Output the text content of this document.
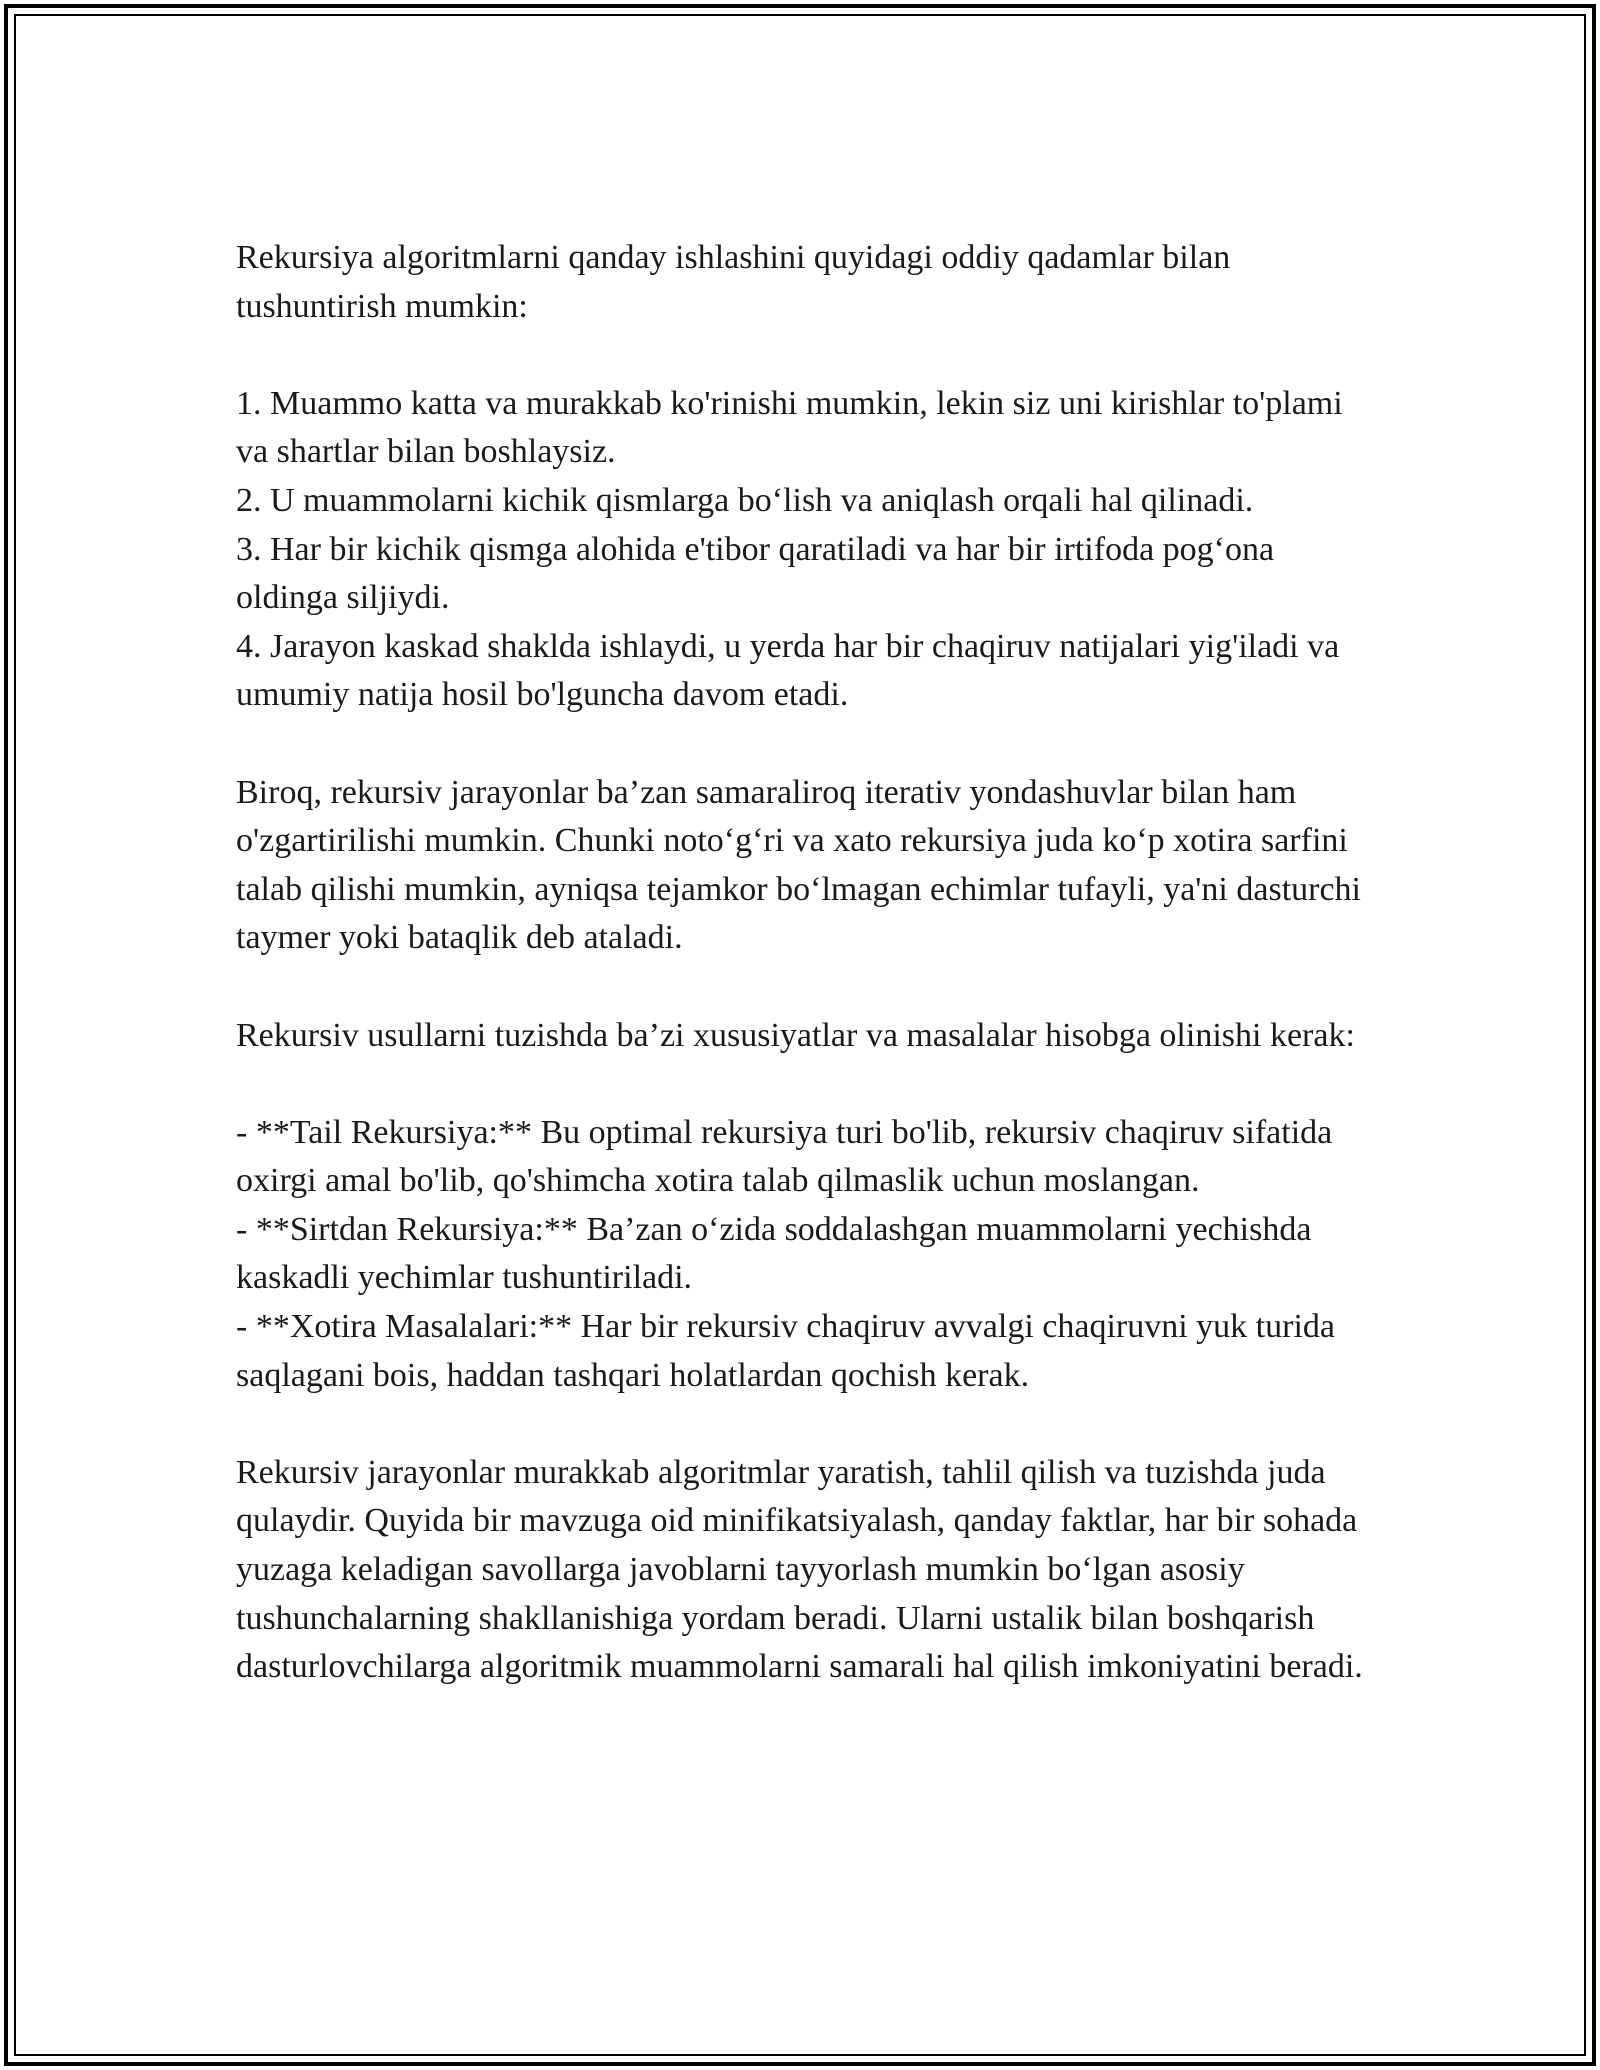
Rekursiya algoritmlarni qanday ishlashini quyidagi oddiy qadamlar bilan tushuntirish mumkin:

1. Muammo katta va murakkab ko'rinishi mumkin, lekin siz uni kirishlar to'plami va shartlar bilan boshlaysiz.

2. U muammolarni kichik qismlarga bo‘lish va aniqlash orqali hal qilinadi.

3. Har bir kichik qismga alohida e'tibor qaratiladi va har bir irtifoda pog‘ona oldinga siljiydi.

4. Jarayon kaskad shakldа ishlaydi, u yerda har bir chaqiruv natijalari yig'iladi va umumiy natija hosil bo'lguncha davom etadi.

Biroq, rekursiv jarayonlar ba’zan samaraliroq iterativ yondashuvlar bilan ham o'zgartirilishi mumkin. Chunki noto‘g‘ri va xato rekursiya juda ko‘p xotira sarfini talab qilishi mumkin, ayniqsa tejamkor bo‘lmagan echimlar tufayli, ya'ni dasturchi taymer yoki bataqlik deb ataladi.

Rekursiv usullarni tuzishda ba’zi xususiyatlar va masalalar hisobga olinishi kerak:

- **Tail Rekursiya:** Bu optimal rekursiya turi bo'lib, rekursiv chaqiruv sifatida oxirgi amal bo'lib, qo'shimcha xotira talab qilmaslik uchun moslangan.

- **Sirtdan Rekursiya:** Ba’zan o‘zida soddalashgan muammolarni yechishda kaskadli yechimlar tushuntiriladi.

- **Xotira Masalalari:** Har bir rekursiv chaqiruv avvalgi chaqiruvni yuk turida saqlagani bois, haddan tashqari holatlardan qochish kerak.

Rekursiv jarayonlar murakkab algoritmlar yaratish, tahlil qilish va tuzishda juda qulaydir. Quyida bir mavzuga oid minifikatsiyalash, qanday faktlar, har bir sohada yuzaga keladigan savollarga javoblarni tayyorlash mumkin bo‘lgan asosiy tushunchalarning shakllanishiga yordam beradi. Ularni ustalik bilan boshqarish dasturlovchilarga algoritmik muammolarni samarali hal qilish imkoniyatini beradi.
